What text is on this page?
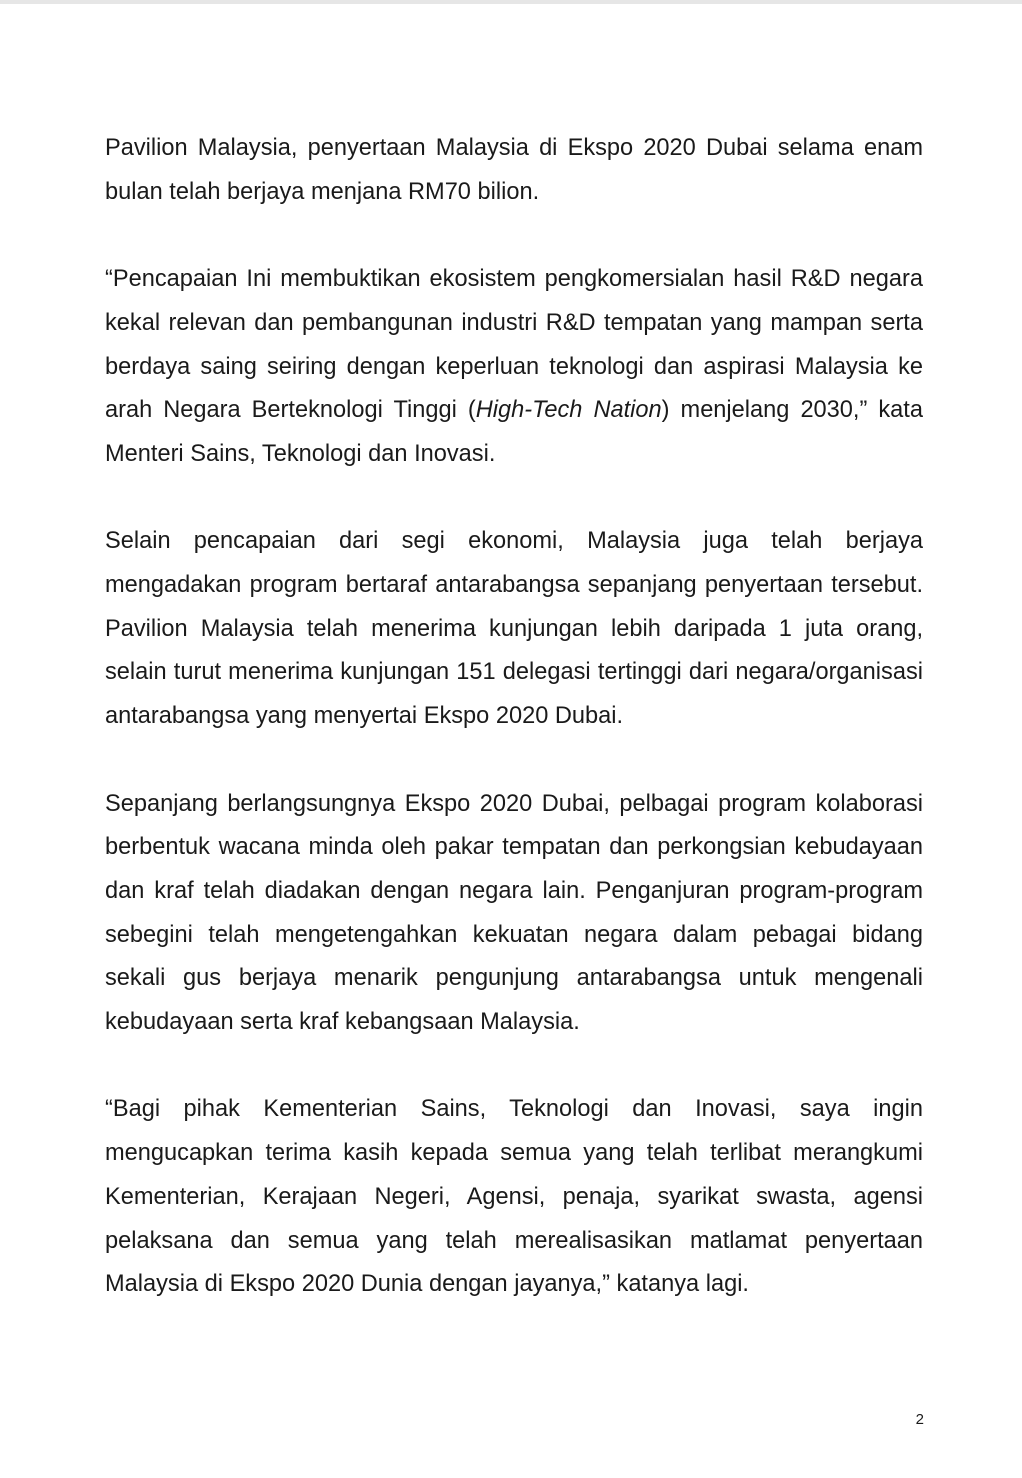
Pavilion Malaysia, penyertaan Malaysia di Ekspo 2020 Dubai selama enam bulan telah berjaya menjana RM70 bilion.

“Pencapaian Ini membuktikan ekosistem pengkomersialan hasil R&D negara kekal relevan dan pembangunan industri R&D tempatan yang mampan serta berdaya saing seiring dengan keperluan teknologi dan aspirasi Malaysia ke arah Negara Berteknologi Tinggi (High-Tech Nation) menjelang 2030,” kata Menteri Sains, Teknologi dan Inovasi.

Selain pencapaian dari segi ekonomi, Malaysia juga telah berjaya mengadakan program bertaraf antarabangsa sepanjang penyertaan tersebut. Pavilion Malaysia telah menerima kunjungan lebih daripada 1 juta orang, selain turut menerima kunjungan 151 delegasi tertinggi dari negara/organisasi antarabangsa yang menyertai Ekspo 2020 Dubai.

Sepanjang berlangsungnya Ekspo 2020 Dubai, pelbagai program kolaborasi berbentuk wacana minda oleh pakar tempatan dan perkongsian kebudayaan dan kraf telah diadakan dengan negara lain. Penganjuran program-program sebegini telah mengetengahkan kekuatan negara dalam pebagai bidang sekali gus berjaya menarik pengunjung antarabangsa untuk mengenali kebudayaan serta kraf kebangsaan Malaysia.

“Bagi pihak Kementerian Sains, Teknologi dan Inovasi, saya ingin mengucapkan terima kasih kepada semua yang telah terlibat merangkumi Kementerian, Kerajaan Negeri, Agensi, penaja, syarikat swasta, agensi pelaksana dan semua yang telah merealisasikan matlamat penyertaan Malaysia di Ekspo 2020 Dunia dengan jayanya,” katanya lagi.

2
